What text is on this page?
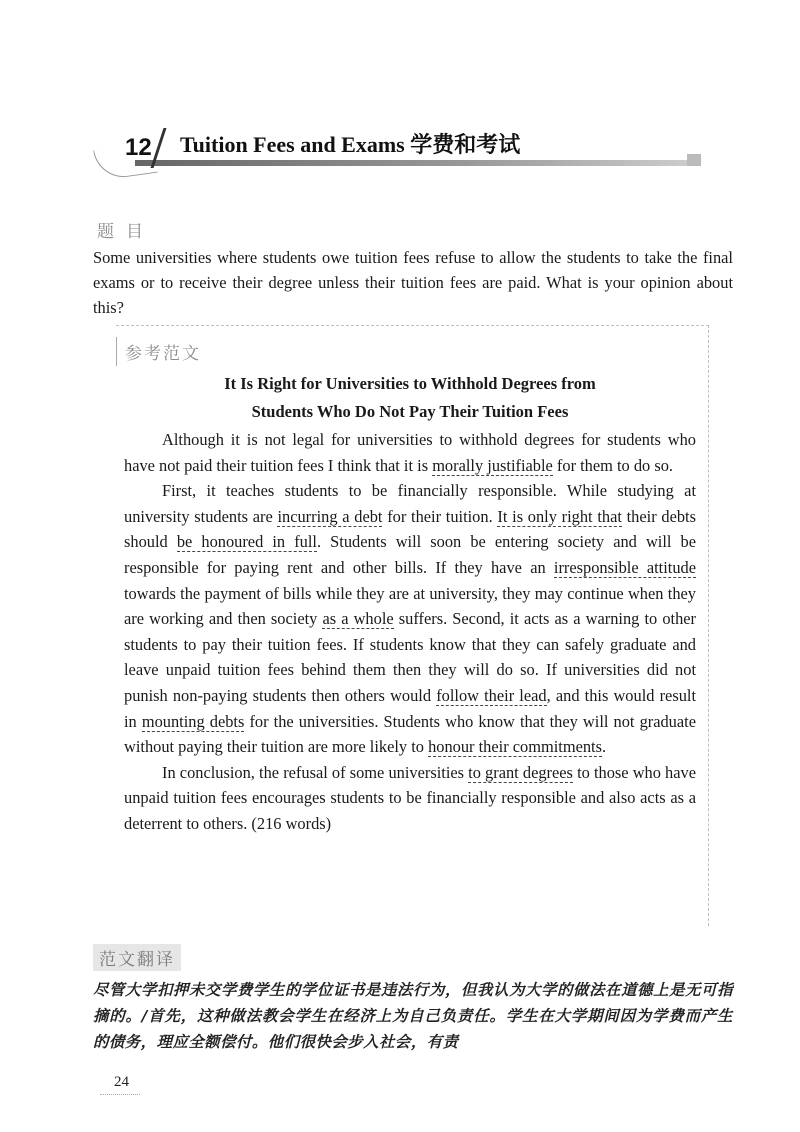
12 Tuition Fees and Exams 学费和考试
题目

Some universities where students owe tuition fees refuse to allow the students to take the final exams or to receive their degree unless their tuition fees are paid. What is your opinion about this?

参考范文
It Is Right for Universities to Withhold Degrees from
Students Who Do Not Pay Their Tuition Fees

Although it is not legal for universities to withhold degrees for students who have not paid their tuition fees I think that it is morally justifiable for them to do so.

First, it teaches students to be financially responsible. While studying at university students are incurring a debt for their tuition. It is only right that their debts should be honoured in full. Students will soon be entering society and will be responsible for paying rent and other bills. If they have an irresponsible attitude towards the payment of bills while they are at university, they may continue when they are working and then society as a whole suffers. Second, it acts as a warning to other students to pay their tuition fees. If students know that they can safely graduate and leave unpaid tuition fees behind them then they will do so. If universities did not punish non-paying students then others would follow their lead, and this would result in mounting debts for the universities. Students who know that they will not graduate without paying their tuition are more likely to honour their commitments.

In conclusion, the refusal of some universities to grant degrees to those who have unpaid tuition fees encourages students to be financially responsible and also acts as a deterrent to others. (216 words)

范文翻译

尽管大学扣押未交学费学生的学位证书是违法行为，但我认为大学的做法在道德上是无可指摘的。/首先，这种做法教会学生在经济上为自己负责任。学生在大学期间因为学费而产生的债务，理应全额偿付。他们很快会步入社会，有责

24
